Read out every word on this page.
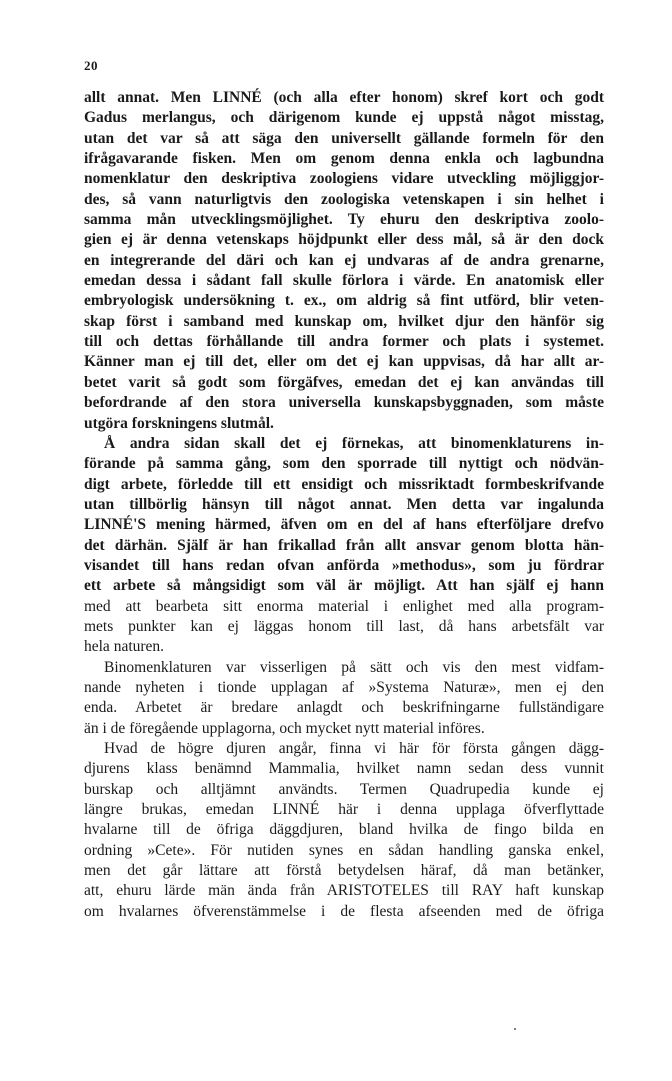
20
allt annat. Men LINNÉ (och alla efter honom) skref kort och godt
Gadus merlangus, och därigenom kunde ej uppstå något misstag,
utan det var så att säga den universellt gällande formeln för den
ifrågavarande fisken. Men om genom denna enkla och lagbundna
nomenklatur den deskriptiva zoologiens vidare utveckling möjliggjor-
des, så vann naturligtvis den zoologiska vetenskapen i sin helhet i
samma mån utvecklingsmöjlighet. Ty ehuru den deskriptiva zoolo-
gien ej är denna vetenskaps höjdpunkt eller dess mål, så är den dock
en integrerande del däri och kan ej undvaras af de andra grenarne,
emedan dessa i sådant fall skulle förlora i värde. En anatomisk eller
embryologisk undersökning t. ex., om aldrig så fint utförd, blir veten-
skap först i samband med kunskap om, hvilket djur den hänför sig
till och dettas förhållande till andra former och plats i systemet.
Känner man ej till det, eller om det ej kan uppvisas, då har allt ar-
betet varit så godt som förgäfves, emedan det ej kan användas till
befordrande af den stora universella kunskapsbyggnaden, som måste
utgöra forskningens slutmål.
Å andra sidan skall det ej förnekas, att binomenklaturens in-
förande på samma gång, som den sporrade till nyttigt och nödvän-
digt arbete, förledde till ett ensidigt och missriktadt formbeskrifvande
utan tillbörlig hänsyn till något annat. Men detta var ingalunda
LINNÉ'S mening härmed, äfven om en del af hans efterföljare drefvo
det därhän. Själf är han frikallad från allt ansvar genom blotta hän-
visandet till hans redan ofvan anförda »methodus», som ju fördrar
ett arbete så mångsidigt som väl är möjligt. Att han själf ej hann
med att bearbeta sitt enorma material i enlighet med alla program-
mets punkter kan ej läggas honom till last, då hans arbetsfält var
hela naturen.
Binomenklaturen var visserligen på sätt och vis den mest vidfam-
nande nyheten i tionde upplagan af »Systema Naturæ», men ej den
enda. Arbetet är bredare anlagdt och beskrifningarne fullständigare
än i de föregående upplagorna, och mycket nytt material införes.
Hvad de högre djuren angår, finna vi här för första gången dägg-
djurens klass benämnd Mammalia, hvilket namn sedan dess vunnit
burskap och alltjämnt användts. Termen Quadrupedia kunde ej
längre brukas, emedan LINNÉ här i denna upplaga öfverflyttade
hvalarne till de öfriga däggdjuren, bland hvilka de fingo bilda en
ordning »Cete». För nutiden synes en sådan handling ganska enkel,
men det går lättare att förstå betydelsen häraf, då man betänker,
att, ehuru lärde män ända från ARISTOTELES till RAY haft kunskap
om hvalarnes öfverenstämmelse i de flesta afseenden med de öfriga
